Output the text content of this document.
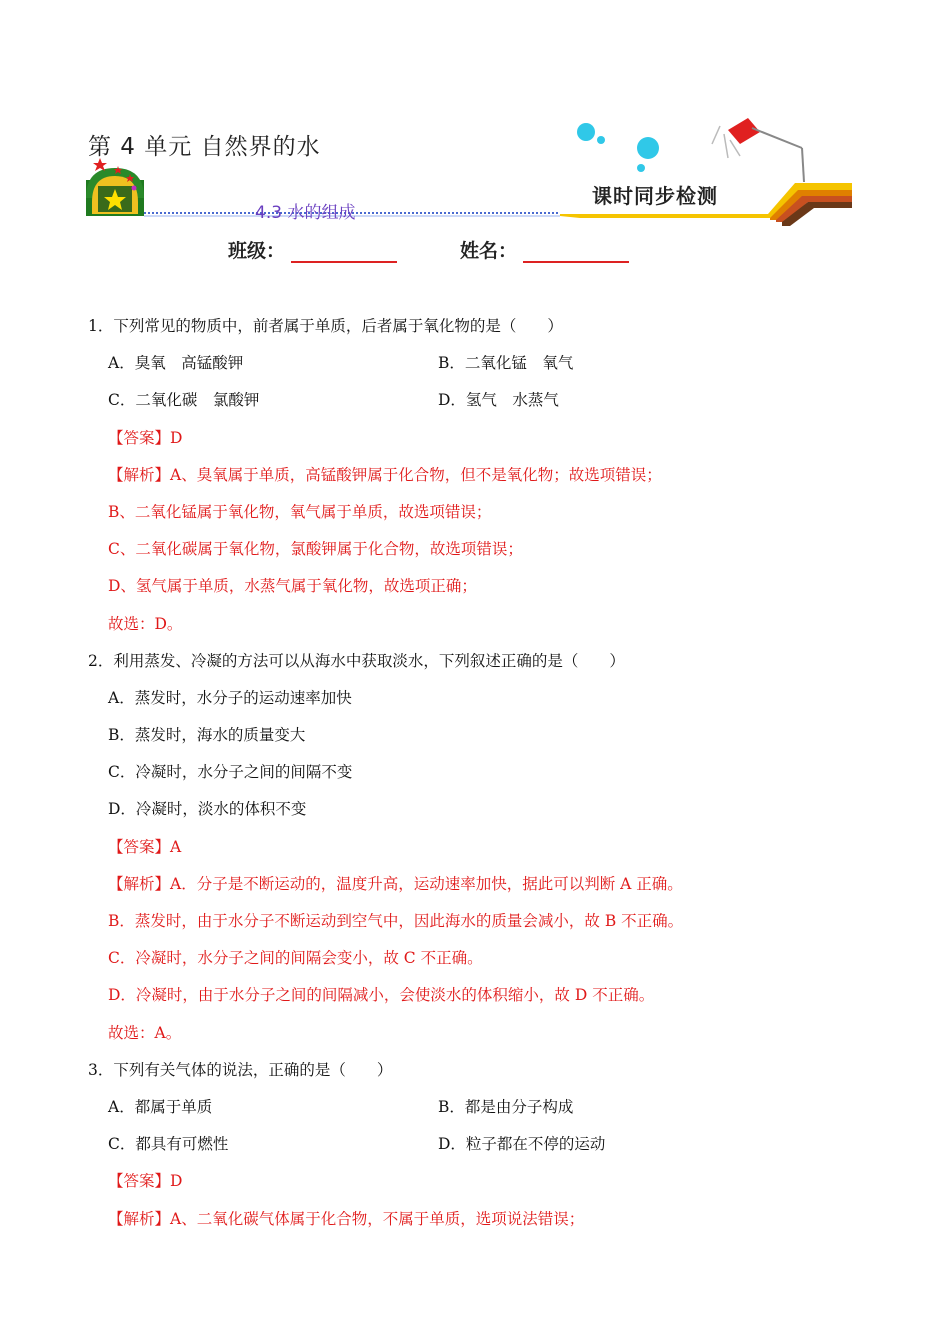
第 4 单元 自然界的水
4.3 水的组成
课时同步检测
班级：	姓名：
1．下列常见的物质中，前者属于单质，后者属于氧化物的是（　　）
A．臭氧　高锰酸钾	B．二氧化锰　氧气
C．二氧化碳　氯酸钾	D．氢气　水蒸气
【答案】D
【解析】A、臭氧属于单质，高锰酸钾属于化合物，但不是氧化物；故选项错误；
B、二氧化锰属于氧化物，氧气属于单质，故选项错误；
C、二氧化碳属于氧化物，氯酸钾属于化合物，故选项错误；
D、氢气属于单质，水蒸气属于氧化物，故选项正确；
故选：D。
2．利用蒸发、冷凝的方法可以从海水中获取淡水，下列叙述正确的是（　　）
A．蒸发时，水分子的运动速率加快
B．蒸发时，海水的质量变大
C．冷凝时，水分子之间的间隔不变
D．冷凝时，淡水的体积不变
【答案】A
【解析】A．分子是不断运动的，温度升高，运动速率加快，据此可以判断 A 正确。
B．蒸发时，由于水分子不断运动到空气中，因此海水的质量会减小，故 B 不正确。
C．冷凝时，水分子之间的间隔会变小，故 C 不正确。
D．冷凝时，由于水分子之间的间隔减小，会使淡水的体积缩小，故 D 不正确。
故选：A。
3．下列有关气体的说法，正确的是（　　）
A．都属于单质	B．都是由分子构成
C．都具有可燃性	D．粒子都在不停的运动
【答案】D
【解析】A、二氧化碳气体属于化合物，不属于单质，选项说法错误；
